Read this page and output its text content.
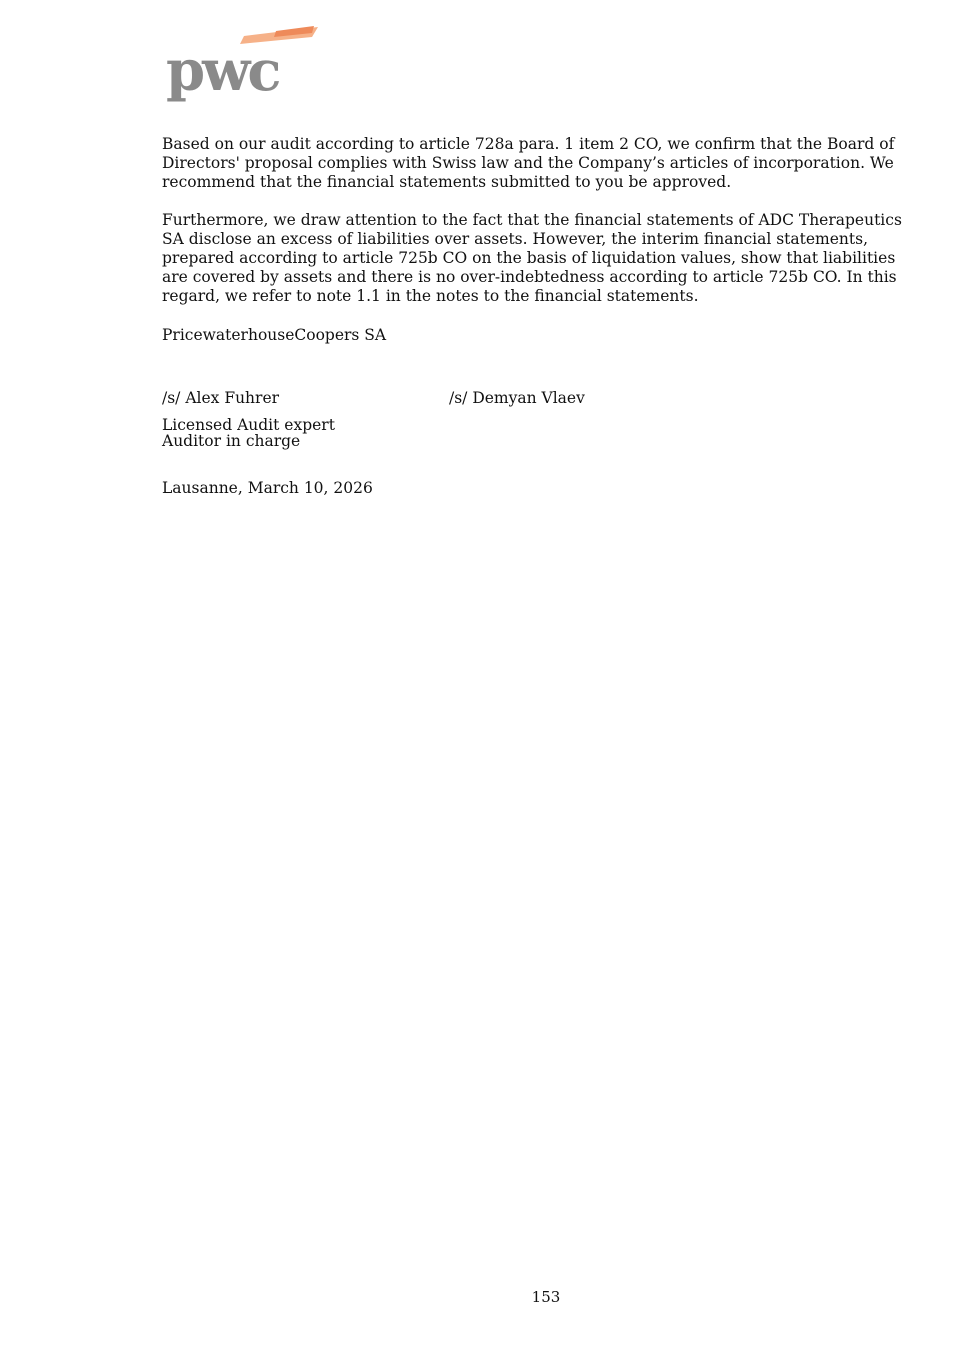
pwc

Based on our audit according to article 728a para. 1 item 2 CO, we confirm that the Board of Directors' proposal complies with Swiss law and the Company’s articles of incorporation. We recommend that the financial statements submitted to you be approved.

Furthermore, we draw attention to the fact that the financial statements of ADC Therapeutics SA disclose an excess of liabilities over assets. However, the interim financial statements, prepared according to article 725b CO on the basis of liquidation values, show that liabilities are covered by assets and there is no over-indebtedness according to article 725b CO. In this regard, we refer to note 1.1 in the notes to the financial statements.

PricewaterhouseCoopers SA

/s/ Alex Fuhrer	/s/ Demyan Vlaev
Licensed Audit expert
Auditor in charge

Lausanne, March 10, 2026

153
